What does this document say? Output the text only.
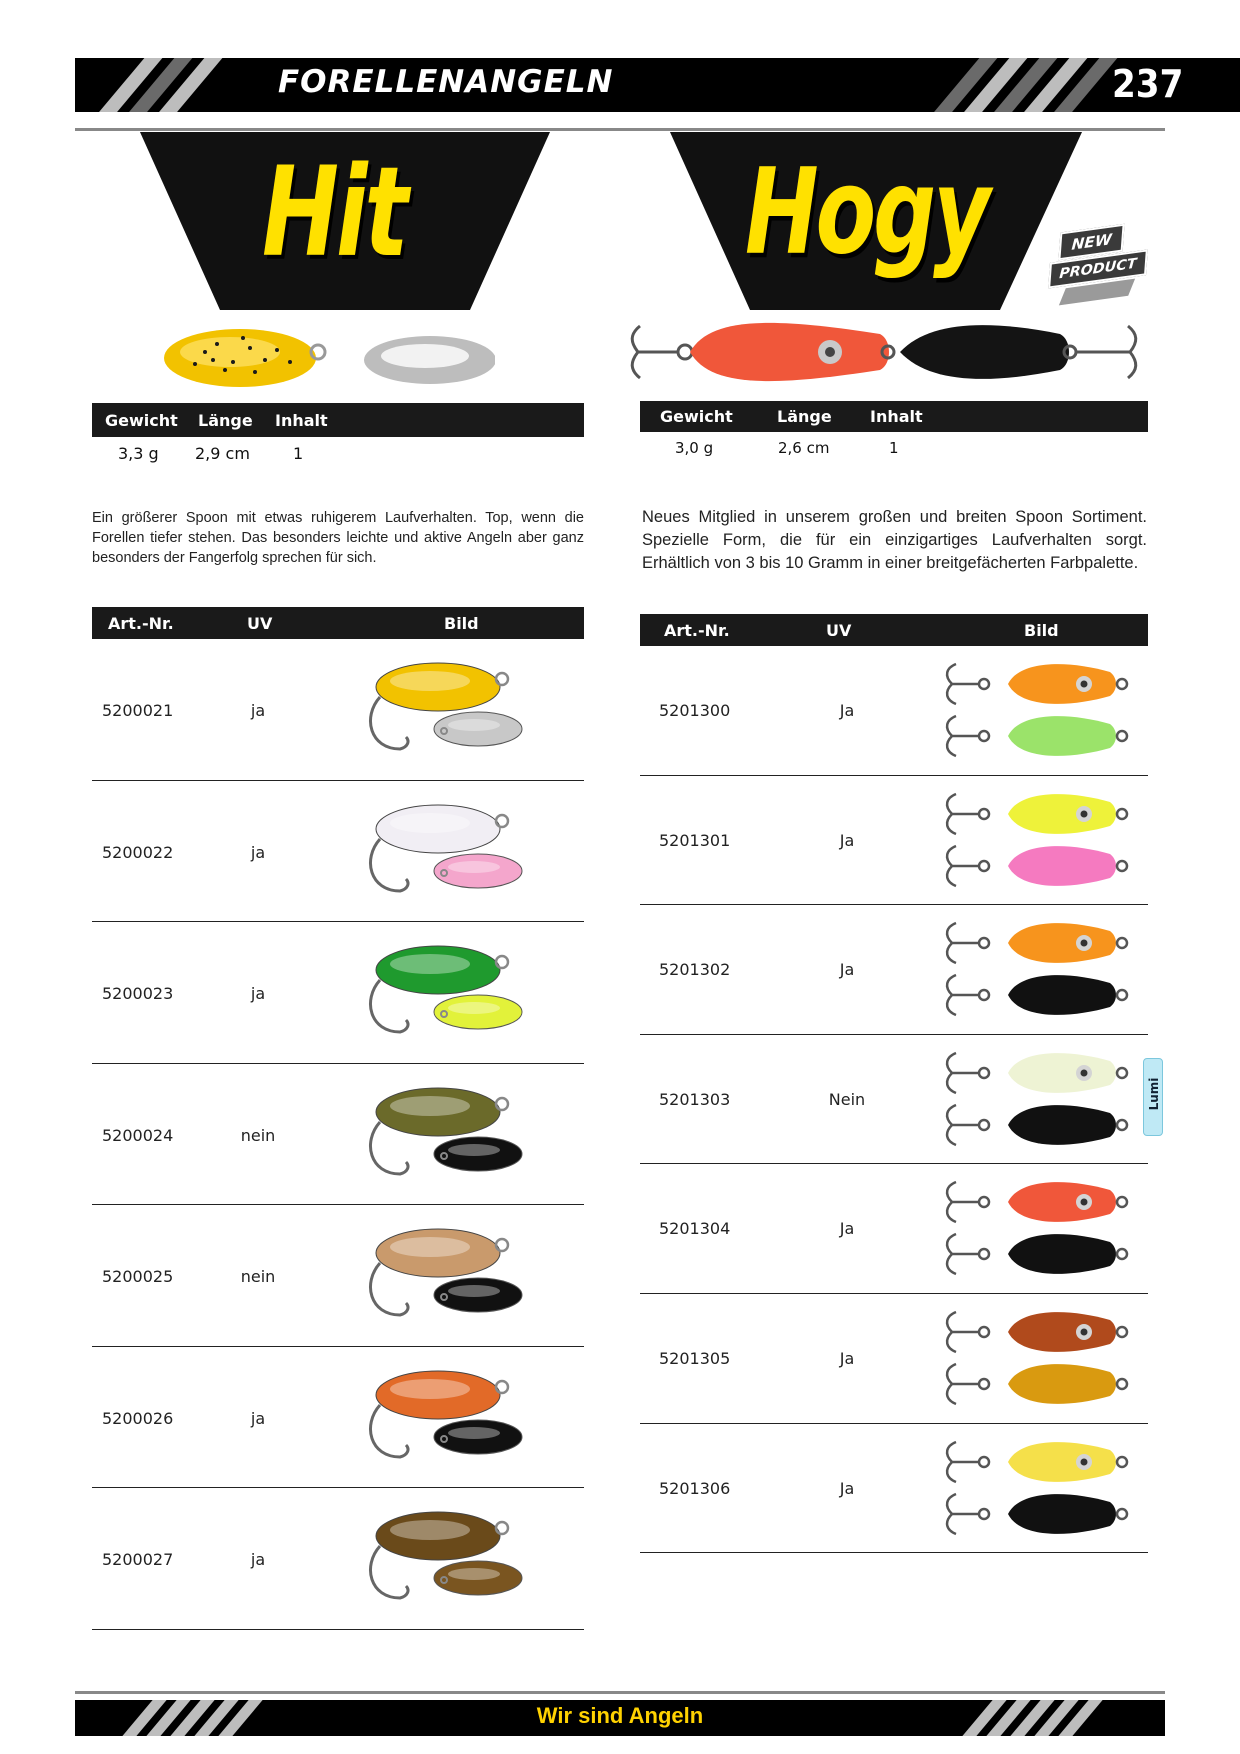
FORELLENANGELN	237
Hit
Gewicht Länge Inhalt
3,3 g 2,9 cm	1

Ein größerer Spoon mit etwas ruhigerem Laufverhalten. Top, wenn die Forellen tiefer stehen. Das besonders leichte und aktive Angeln aber ganz besonders der Fangerfolg sprechen für sich.

Art.-Nr.	UV	Bild
5200021	ja
5200022	ja
5200023	ja
5200024	nein
5200025	nein
5200026	ja
5200027	ja
Hogy	NEW
PRODUCT
Gewicht	Länge Inhalt
3,0 g	2,6 cm	1

Neues Mitglied in unserem großen und breiten Spoon Sortiment. Spezielle Form, die für ein einzigartiges Laufverhalten sorgt. Erhältlich von 3 bis 10 Gramm in einer breitgefächerten Farbpalette.

Art.-Nr.	UV	Bild
5201300	Ja
5201301	Ja
5201302	Ja
5201303	Nein
5201304	Ja
5201305	Ja
5201306	Ja
Lumi
Wir sind Angeln
